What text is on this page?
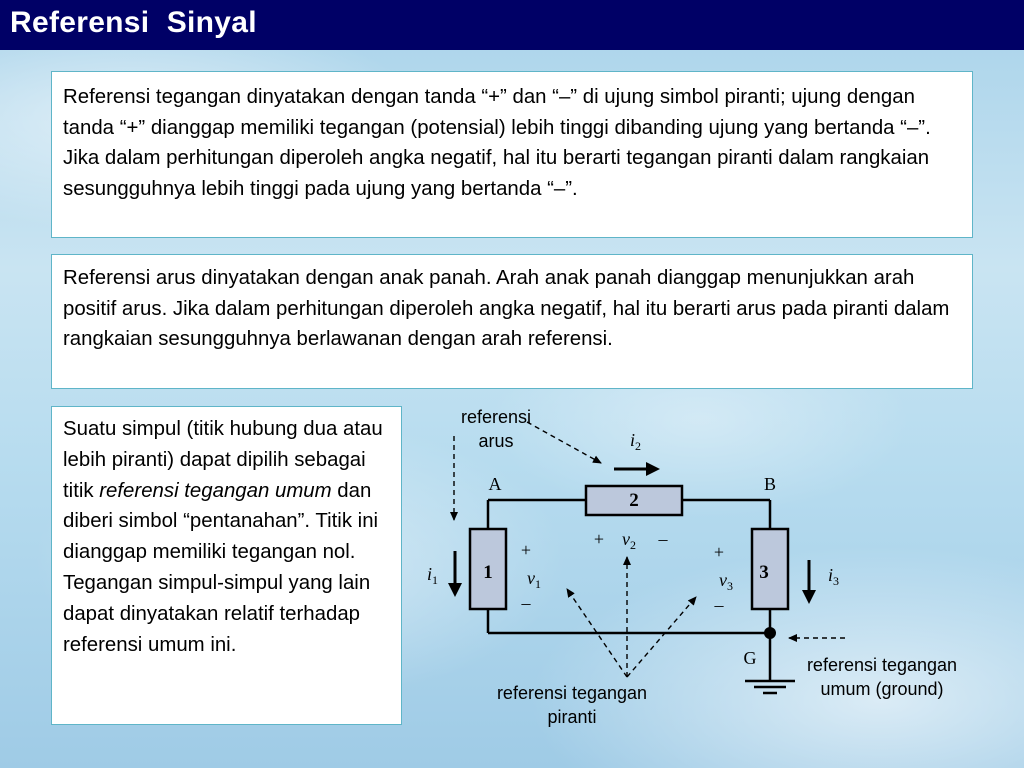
Referensi  Sinyal
Referensi tegangan dinyatakan dengan tanda “+” dan “–” di ujung simbol piranti; ujung dengan tanda “+” dianggap memiliki tegangan (potensial) lebih tinggi dibanding ujung yang bertanda “–”. Jika dalam perhitungan diperoleh angka negatif, hal itu berarti tegangan piranti dalam rangkaian sesungguhnya lebih tinggi pada ujung yang bertanda “–”.
Referensi arus dinyatakan dengan anak panah. Arah anak panah dianggap menunjukkan arah positif arus. Jika dalam perhitungan diperoleh angka negatif, hal itu berarti arus pada piranti dalam rangkaian sesungguhnya berlawanan dengan arah referensi.
Suatu simpul (titik hubung dua atau lebih piranti) dapat dipilih sebagai titik referensi tegangan umum dan diberi simbol “pentanahan”. Titik ini dianggap memiliki tegangan nol. Tegangan simpul-simpul yang lain dapat dinyatakan relatif terhadap referensi umum ini.
referensi
arus
referensi tegangan
piranti
referensi tegangan
umum (ground)
2
1	3
A	B
G
$i_2$
$i_1$	$i_3$
+	–
$v_2$
+
$v_1$
–
+
$v_3$
–
